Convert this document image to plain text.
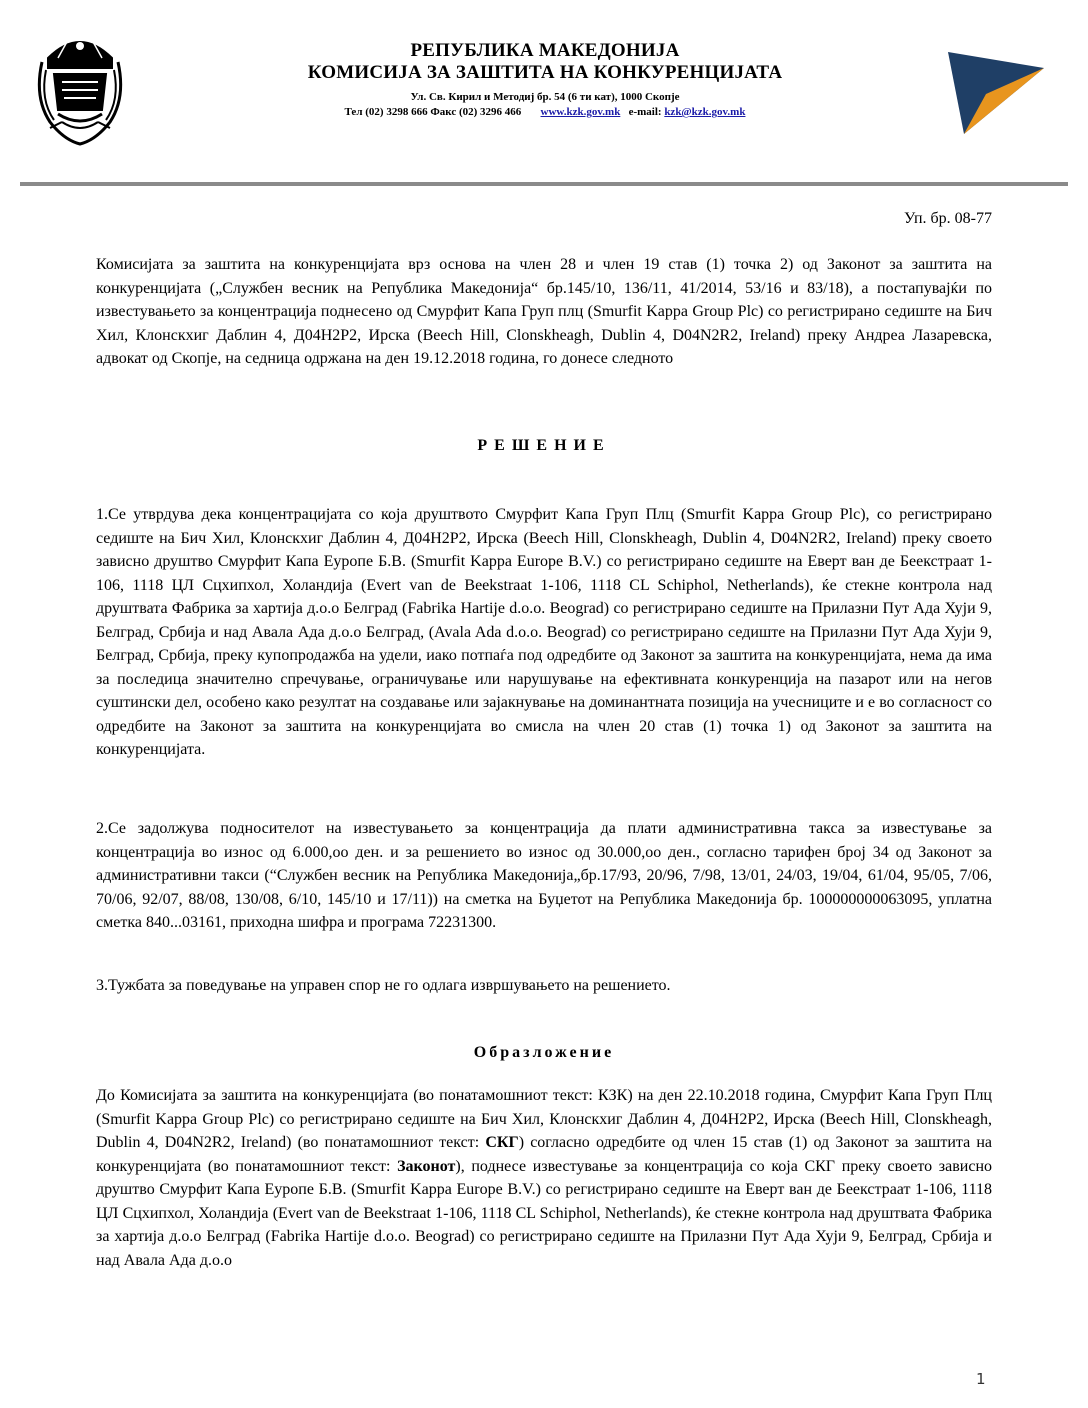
РЕПУБЛИКА МАКЕДОНИЈА
КОМИСИЈА ЗА ЗАШТИТА НА КОНКУРЕНЦИЈАТА
Ул. Св. Кирил и Методиј бр. 54 (6 ти кат), 1000 Скопје
Тел (02) 3298 666 Факс (02) 3296 466 www.kzk.gov.mk e-mail: kzk@kzk.gov.mk
Уп. бр. 08-77

Комисијата за заштита на конкуренцијата врз основа на член 28 и член 19 став (1) точка 2) од Законот за заштита на конкуренцијата („Службен весник на Република Македонија“ бр.145/10, 136/11, 41/2014, 53/16 и 83/18), а постапувајќи по известувањето за концентрација поднесено од Смурфит Капа Груп плц (Smurfit Kappa Group Plc) со регистрирано седиште на Бич Хил, Клонскхиг Даблин 4, Д04Н2Р2, Ирска (Beech Hill, Clonskheagh, Dublin 4, D04N2R2, Ireland) преку Андреа Лазаревска, адвокат од Скопје, на седница одржана на ден 19.12.2018 година, го донесе следното

РЕШЕНИЕ

1.Се утврдува дека концентрацијата со која друштвото Смурфит Капа Груп Плц (Smurfit Kappa Group Plc), со регистрирано седиште на Бич Хил, Клонскхиг Даблин 4, Д04Н2Р2, Ирска (Beech Hill, Clonskheagh, Dublin 4, D04N2R2, Ireland) преку своето зависно друштво Смурфит Капа Еуропе Б.В. (Smurfit Kappa Europe B.V.) со регистрирано седиште на Еверт ван де Беекстраат 1-106, 1118 ЦЛ Сцхипхол, Холандија (Evert van de Beekstraat 1-106, 1118 CL Schiphol, Netherlands), ќе стекне контрола над друштвата Фабрика за хартија д.о.о Белград (Fabrika Hartije d.o.o. Beograd) со регистрирано седиште на Прилазни Пут Ада Хуји 9, Белград, Србија и над Авала Ада д.о.о Белград, (Avala Ada d.o.o. Beograd) со регистрирано седиште на Прилазни Пут Ада Хуји 9, Белград, Србија, преку купопродажба на удели, иако потпаѓа под одредбите од Законот за заштита на конкуренцијата, нема да има за последица значително спречување, ограничување или нарушување на ефективната конкуренција на пазарот или на негов суштински дел, особено како резултат на создавање или зајакнување на доминантната позиција на учесниците и е во согласност со одредбите на Законот за заштита на конкуренцијата во смисла на член 20 став (1) точка 1) од Законот за заштита на конкуренцијата.

2.Се задолжува подносителот на известувањето за концентрација да плати административна такса за известување за концентрација во износ од 6.000,оо ден. и за решението во износ од 30.000,оо ден., согласно тарифен број 34 од Законот за административни такси (“Службен весник на Република Македонија„бр.17/93, 20/96, 7/98, 13/01, 24/03, 19/04, 61/04, 95/05, 7/06, 70/06, 92/07, 88/08, 130/08, 6/10, 145/10 и 17/11)) на сметка на Буџетот на Република Македонија бр. 100000000063095, уплатна сметка 840...03161, приходна шифра и програма 72231300.

3.Тужбата за поведување на управен спор не го одлага извршувањето на решението.

Образложение

До Комисијата за заштита на конкуренцијата (во понатамошниот текст: КЗК) на ден 22.10.2018 година, Смурфит Капа Груп Плц (Smurfit Kappa Group Plc) со регистрирано седиште на Бич Хил, Клонскхиг Даблин 4, Д04Н2Р2, Ирска (Beech Hill, Clonskheagh, Dublin 4, D04N2R2, Ireland) (во понатамошниот текст: СКГ) согласно одредбите од член 15 став (1) од Законот за заштита на конкуренцијата (во понатамошниот текст: Законот), поднесе известување за концентрација со која СКГ преку своето зависно друштво Смурфит Капа Еуропе Б.В. (Smurfit Kappa Europe B.V.) со регистрирано седиште на Еверт ван де Беекстраат 1-106, 1118 ЦЛ Сцхипхол, Холандија (Evert van de Beekstraat 1-106, 1118 CL Schiphol, Netherlands), ќе стекне контрола над друштвата Фабрика за хартија д.о.о Белград (Fabrika Hartije d.o.o. Beograd) со регистрирано седиште на Прилазни Пут Ада Хуји 9, Белград, Србија и над Авала Ада д.о.о

1
